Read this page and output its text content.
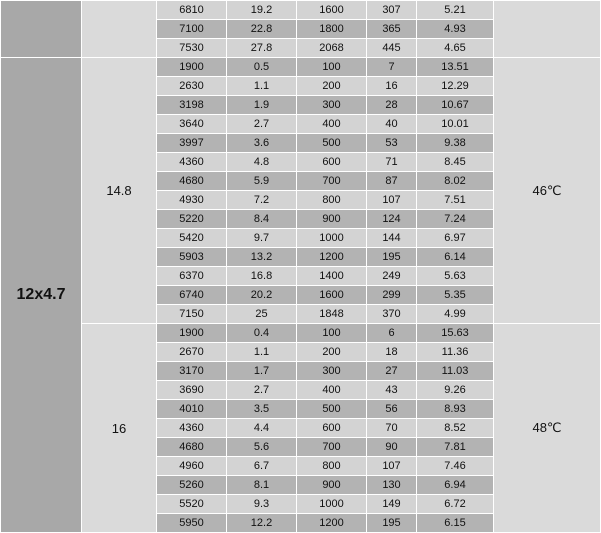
		6810	19.2	1600	307	5.21	
		7100	22.8	1800	365	4.93	
		7530	27.8	2068	445	4.65	
12x4.7	14.8	1900	0.5	100	7	13.51	46℃
		2630	1.1	200	16	12.29	
		3198	1.9	300	28	10.67	
		3640	2.7	400	40	10.01	
		3997	3.6	500	53	9.38	
		4360	4.8	600	71	8.45	
		4680	5.9	700	87	8.02	
		4930	7.2	800	107	7.51	
		5220	8.4	900	124	7.24	
		5420	9.7	1000	144	6.97	
		5903	13.2	1200	195	6.14	
		6370	16.8	1400	249	5.63	
		6740	20.2	1600	299	5.35	
		7150	25	1848	370	4.99	
	16	1900	0.4	100	6	15.63	48℃
		2670	1.1	200	18	11.36	
		3170	1.7	300	27	11.03	
		3690	2.7	400	43	9.26	
		4010	3.5	500	56	8.93	
		4360	4.4	600	70	8.52	
		4680	5.6	700	90	7.81	
		4960	6.7	800	107	7.46	
		5260	8.1	900	130	6.94	
		5520	9.3	1000	149	6.72	
		5950	12.2	1200	195	6.15	
